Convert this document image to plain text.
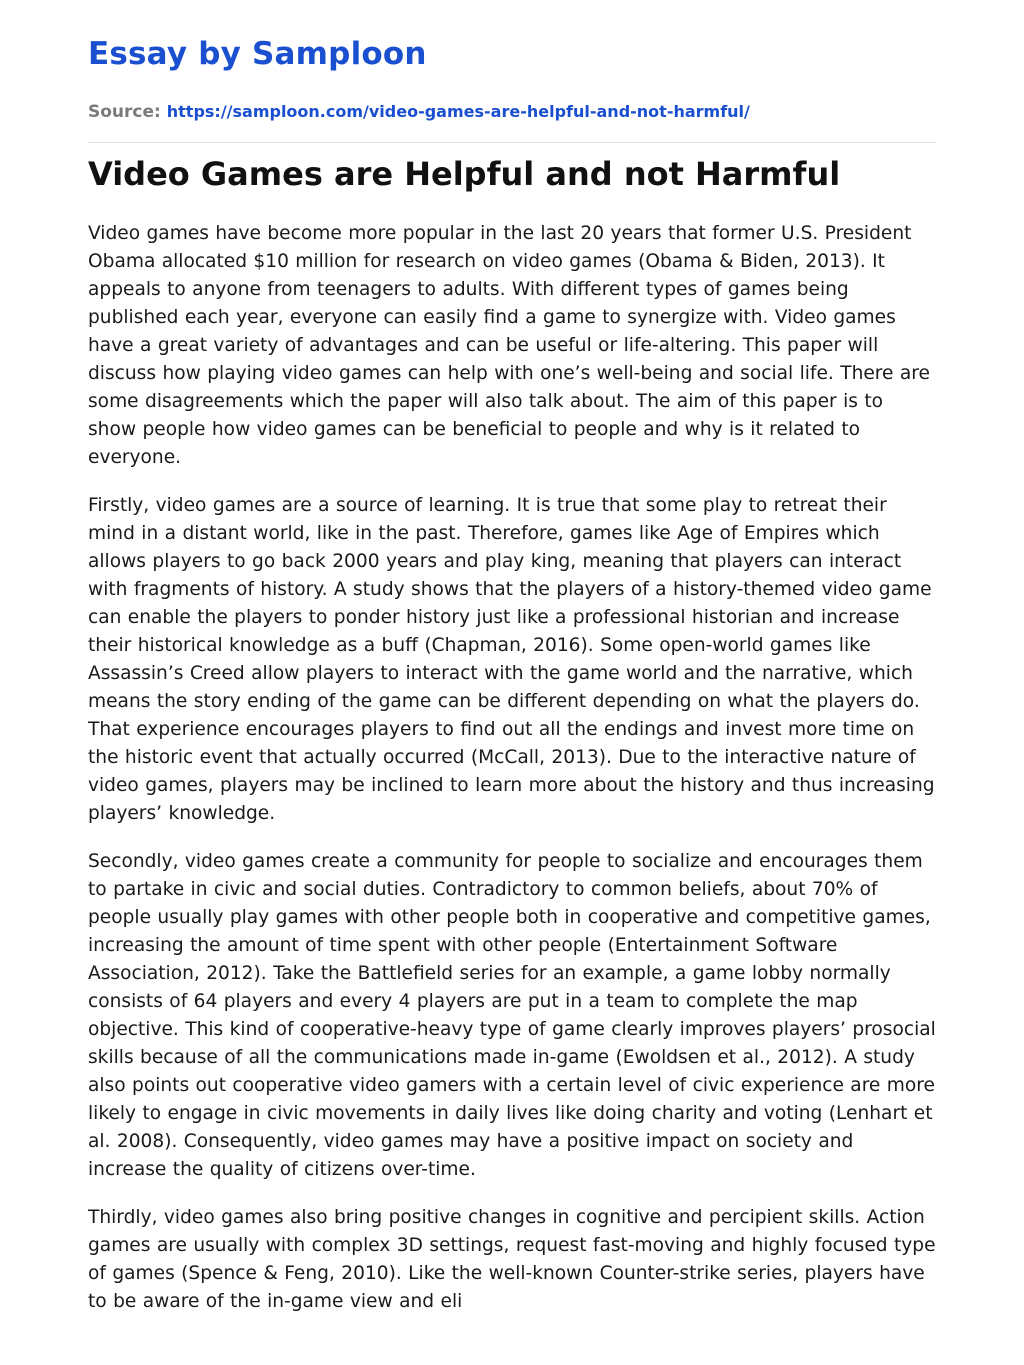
Essay by Samploon
Source: https://samploon.com/video-games-are-helpful-and-not-harmful/
Video Games are Helpful and not Harmful

Video games have become more popular in the last 20 years that former U.S. President Obama allocated $10 million for research on video games (Obama & Biden, 2013). It appeals to anyone from teenagers to adults. With different types of games being published each year, everyone can easily find a game to synergize with. Video games have a great variety of advantages and can be useful or life-altering. This paper will discuss how playing video games can help with one’s well-being and social life. There are some disagreements which the paper will also talk about. The aim of this paper is to show people how video games can be beneficial to people and why is it related to everyone.

Firstly, video games are a source of learning. It is true that some play to retreat their mind in a distant world, like in the past. Therefore, games like Age of Empires which allows players to go back 2000 years and play king, meaning that players can interact with fragments of history. A study shows that the players of a history-themed video game can enable the players to ponder history just like a professional historian and increase their historical knowledge as a buff (Chapman, 2016). Some open-world games like Assassin’s Creed allow players to interact with the game world and the narrative, which means the story ending of the game can be different depending on what the players do. That experience encourages players to find out all the endings and invest more time on the historic event that actually occurred (McCall, 2013). Due to the interactive nature of video games, players may be inclined to learn more about the history and thus increasing players’ knowledge.

Secondly, video games create a community for people to socialize and encourages them to partake in civic and social duties. Contradictory to common beliefs, about 70% of people usually play games with other people both in cooperative and competitive games, increasing the amount of time spent with other people (Entertainment Software Association, 2012). Take the Battlefield series for an example, a game lobby normally consists of 64 players and every 4 players are put in a team to complete the map objective. This kind of cooperative-heavy type of game clearly improves players’ prosocial skills because of all the communications made in-game (Ewoldsen et al., 2012). A study also points out cooperative video gamers with a certain level of civic experience are more likely to engage in civic movements in daily lives like doing charity and voting (Lenhart et al. 2008). Consequently, video games may have a positive impact on society and increase the quality of citizens over-time.

Thirdly, video games also bring positive changes in cognitive and percipient skills. Action games are usually with complex 3D settings, request fast-moving and highly focused type of games (Spence & Feng, 2010). Like the well-known Counter-strike series, players have to be aware of the in-game view and eli
